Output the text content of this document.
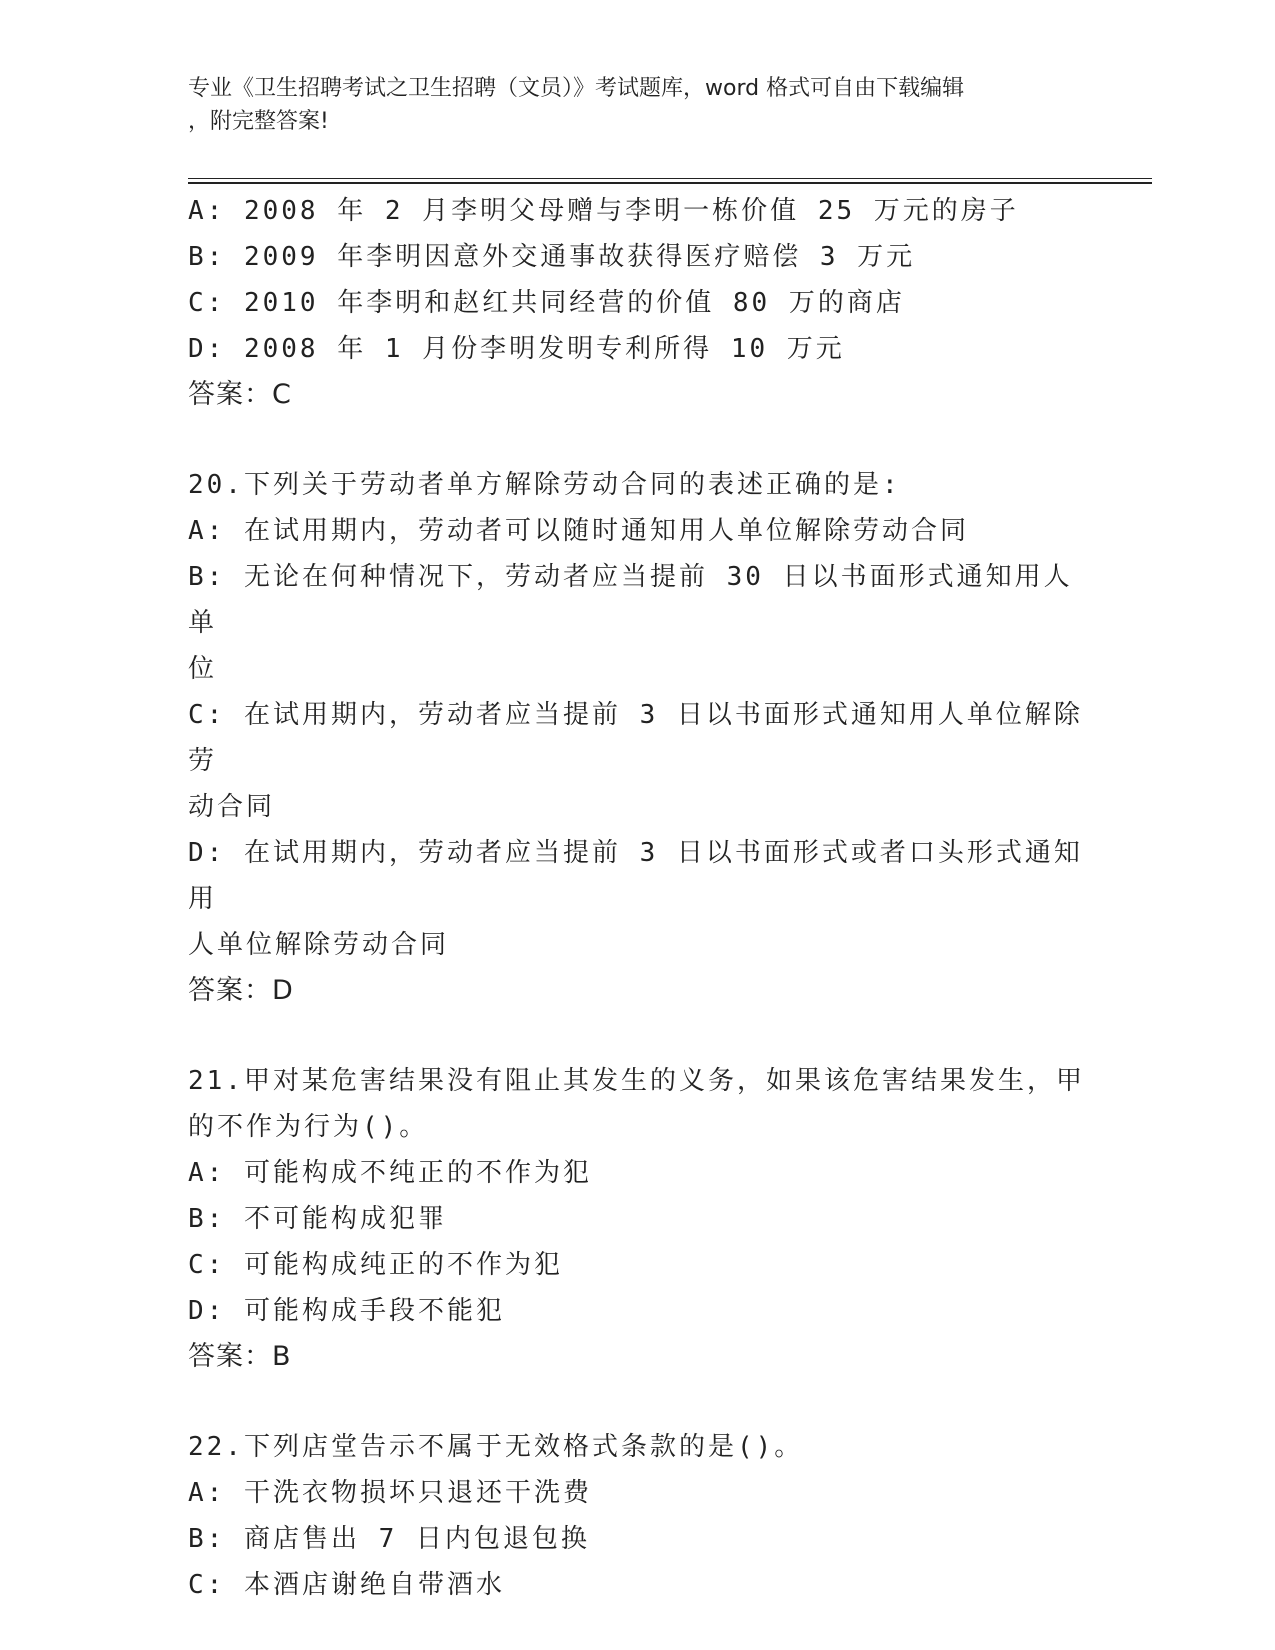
专业《卫生招聘考试之卫生招聘（文员）》考试题库，word 格式可自由下载编辑
，附完整答案!
A: 2008 年 2 月李明父母赠与李明一栋价值 25 万元的房子
B: 2009 年李明因意外交通事故获得医疗赔偿 3 万元
C: 2010 年李明和赵红共同经营的价值 80 万的商店
D: 2008 年 1 月份李明发明专利所得 10 万元
答案：C
20.下列关于劳动者单方解除劳动合同的表述正确的是:
A: 在试用期内，劳动者可以随时通知用人单位解除劳动合同
B: 无论在何种情况下，劳动者应当提前 30 日以书面形式通知用人单
位
C: 在试用期内，劳动者应当提前 3 日以书面形式通知用人单位解除劳
动合同
D: 在试用期内，劳动者应当提前 3 日以书面形式或者口头形式通知用
人单位解除劳动合同
答案：D
21.甲对某危害结果没有阻止其发生的义务，如果该危害结果发生，甲
的不作为行为()。
A: 可能构成不纯正的不作为犯
B: 不可能构成犯罪
C: 可能构成纯正的不作为犯
D: 可能构成手段不能犯
答案：B
22.下列店堂告示不属于无效格式条款的是()。
A: 干洗衣物损坏只退还干洗费
B: 商店售出 7 日内包退包换
C: 本酒店谢绝自带酒水
